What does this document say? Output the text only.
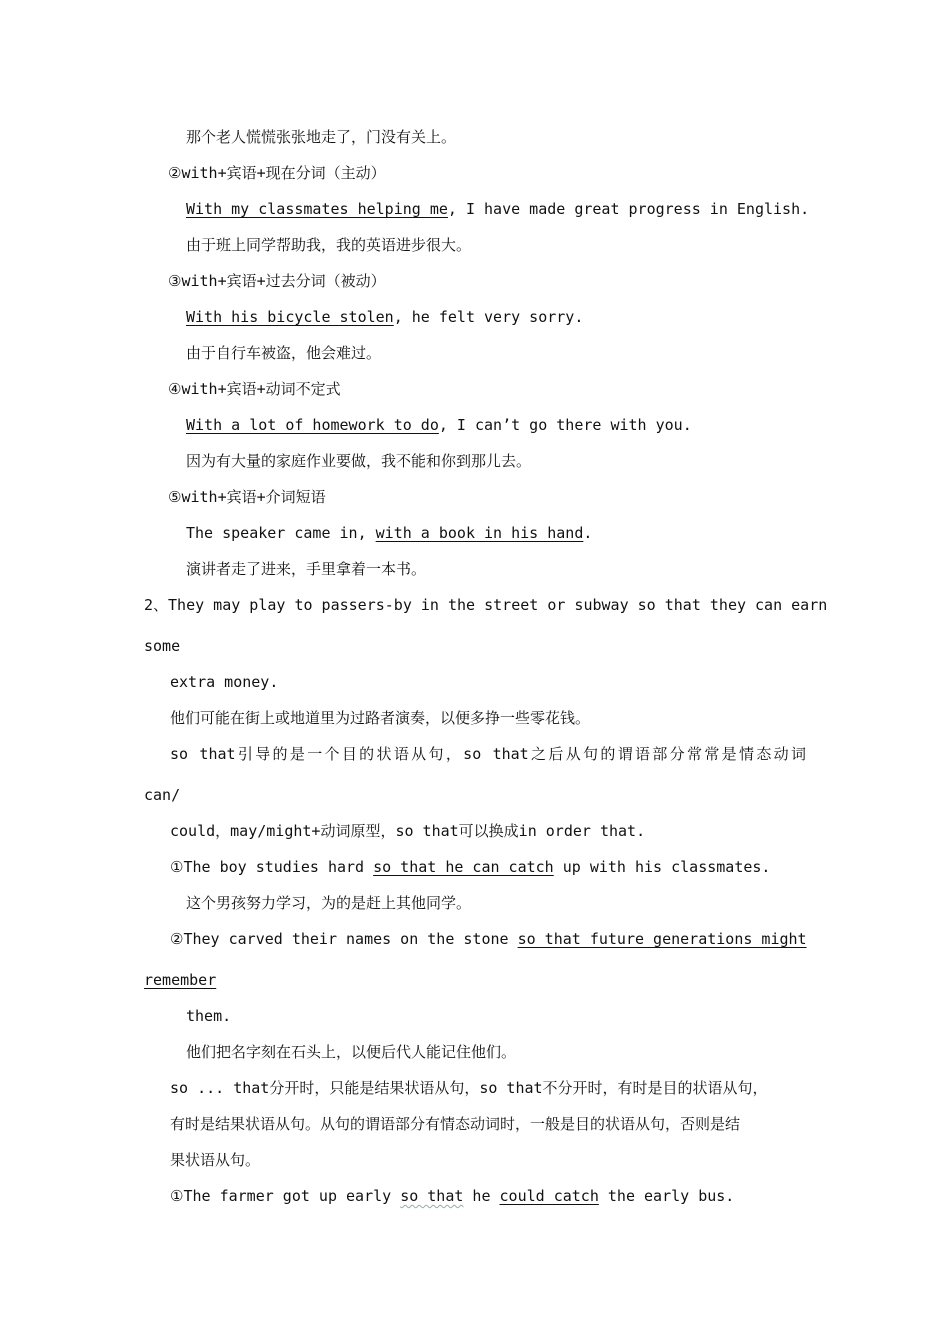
那个老人慌慌张张地走了，门没有关上。
②with+宾语+现在分词（主动）
With my classmates helping me, I have made great progress in English.
由于班上同学帮助我，我的英语进步很大。
③with+宾语+过去分词（被动）
With his bicycle stolen, he felt very sorry.
由于自行车被盗，他会难过。
④with+宾语+动词不定式
With a lot of homework to do, I can’t go there with you.
因为有大量的家庭作业要做，我不能和你到那儿去。
⑤with+宾语+介词短语
The speaker came in, with a book in his hand.
演讲者走了进来，手里拿着一本书。
2、They may play to passers-by in the street or subway so that they can earn
some
extra money.
他们可能在街上或地道里为过路者演奏，以便多挣一些零花钱。
so that引导的是一个目的状语从句，so that之后从句的谓语部分常常是情态动词
can/
could，may/might+动词原型，so that可以换成in order that.
①The boy studies hard so that he can catch up with his classmates.
这个男孩努力学习，为的是赶上其他同学。
②They carved their names on the stone so that future generations might
remember
them.
他们把名字刻在石头上，以便后代人能记住他们。
so ... that分开时，只能是结果状语从句，so that不分开时，有时是目的状语从句，
有时是结果状语从句。从句的谓语部分有情态动词时，一般是目的状语从句，否则是结
果状语从句。
①The farmer got up early so that he could catch the early bus.
